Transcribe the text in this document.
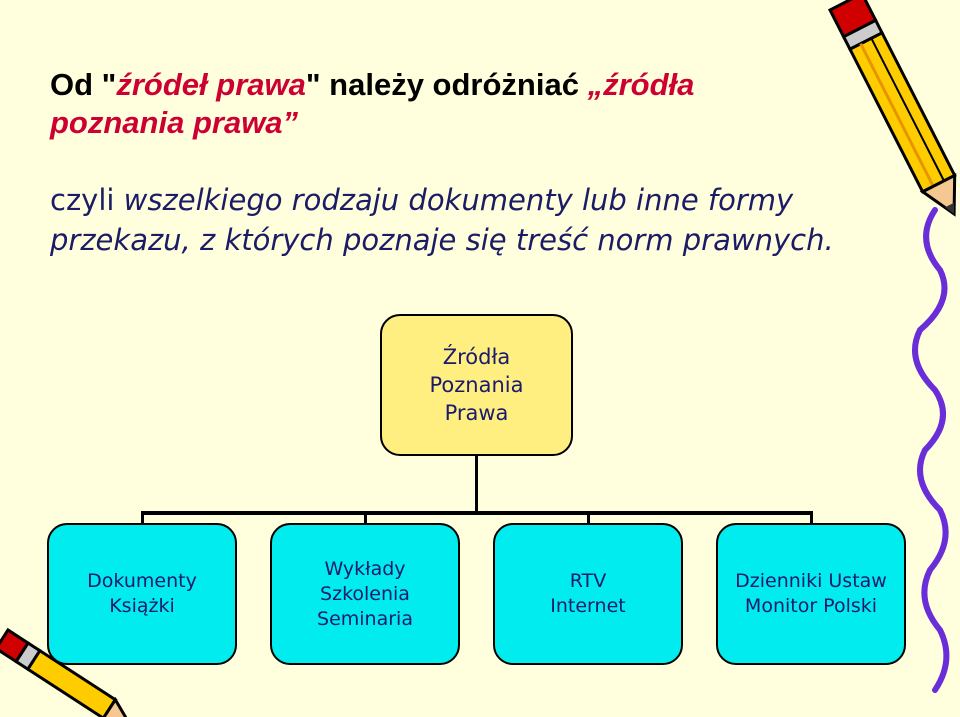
Od "źródeł prawa" należy odróżniać „źródła poznania prawa”
czyli wszelkiego rodzaju dokumenty lub inne formy przekazu, z których poznaje się treść norm prawnych.
Źródła
Poznania
Prawa
Dokumenty
Książki
Wykłady
Szkolenia
Seminaria
RTV
Internet
Dzienniki Ustaw
Monitor Polski
